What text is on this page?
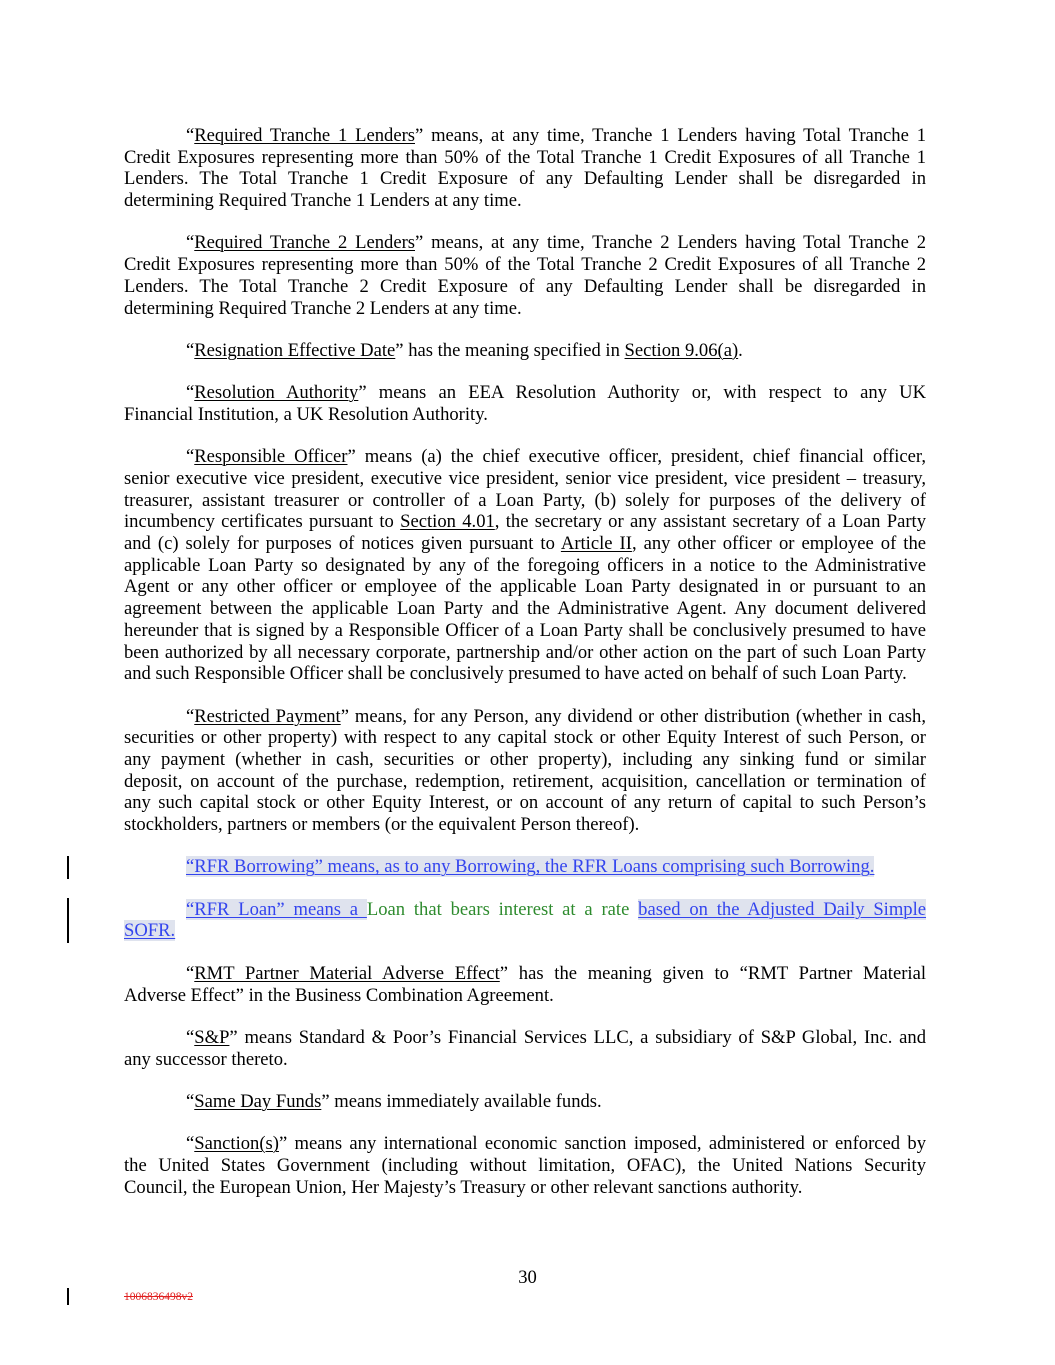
“Required Tranche 1 Lenders” means, at any time, Tranche 1 Lenders having Total Tranche 1
Credit Exposures representing more than 50% of the Total Tranche 1 Credit Exposures of all Tranche 1
Lenders. The Total Tranche 1 Credit Exposure of any Defaulting Lender shall be disregarded in
determining Required Tranche 1 Lenders at any time.
“Required Tranche 2 Lenders” means, at any time, Tranche 2 Lenders having Total Tranche 2
Credit Exposures representing more than 50% of the Total Tranche 2 Credit Exposures of all Tranche 2
Lenders. The Total Tranche 2 Credit Exposure of any Defaulting Lender shall be disregarded in
determining Required Tranche 2 Lenders at any time.
“Resignation Effective Date” has the meaning specified in Section 9.06(a).
“Resolution Authority” means an EEA Resolution Authority or, with respect to any UK
Financial Institution, a UK Resolution Authority.
“Responsible Officer” means (a) the chief executive officer, president, chief financial officer,
senior executive vice president, executive vice president, senior vice president, vice president – treasury,
treasurer, assistant treasurer or controller of a Loan Party, (b) solely for purposes of the delivery of
incumbency certificates pursuant to Section 4.01, the secretary or any assistant secretary of a Loan Party
and (c) solely for purposes of notices given pursuant to Article II, any other officer or employee of the
applicable Loan Party so designated by any of the foregoing officers in a notice to the Administrative
Agent or any other officer or employee of the applicable Loan Party designated in or pursuant to an
agreement between the applicable Loan Party and the Administrative Agent. Any document delivered
hereunder that is signed by a Responsible Officer of a Loan Party shall be conclusively presumed to have
been authorized by all necessary corporate, partnership and/or other action on the part of such Loan Party
and such Responsible Officer shall be conclusively presumed to have acted on behalf of such Loan Party.
“Restricted Payment” means, for any Person, any dividend or other distribution (whether in cash,
securities or other property) with respect to any capital stock or other Equity Interest of such Person, or
any payment (whether in cash, securities or other property), including any sinking fund or similar
deposit, on account of the purchase, redemption, retirement, acquisition, cancellation or termination of
any such capital stock or other Equity Interest, or on account of any return of capital to such Person’s
stockholders, partners or members (or the equivalent Person thereof).
“RFR Borrowing” means, as to any Borrowing, the RFR Loans comprising such Borrowing.
“RFR Loan” means a Loan that bears interest at a rate based on the Adjusted Daily Simple
SOFR.
“RMT Partner Material Adverse Effect” has the meaning given to “RMT Partner Material
Adverse Effect” in the Business Combination Agreement.
“S&P” means Standard & Poor’s Financial Services LLC, a subsidiary of S&P Global, Inc. and
any successor thereto.
“Same Day Funds” means immediately available funds.
“Sanction(s)” means any international economic sanction imposed, administered or enforced by
the United States Government (including without limitation, OFAC), the United Nations Security
Council, the European Union, Her Majesty’s Treasury or other relevant sanctions authority.
30
1006836498v2
